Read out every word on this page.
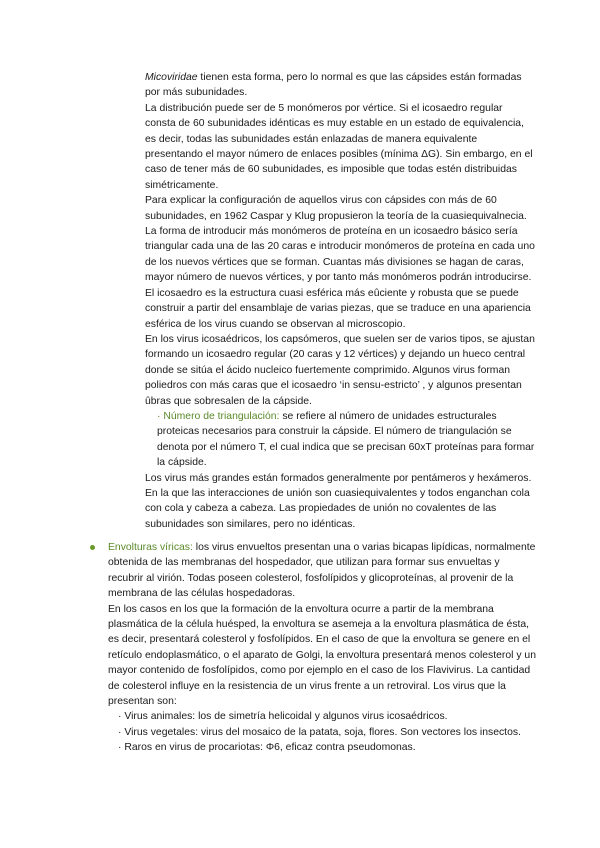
Micoviridae tienen esta forma, pero lo normal es que las cápsides están formadas por más subunidades.

La distribución puede ser de 5 monómeros por vértice. Si el icosaedro regular consta de 60 subunidades idénticas es muy estable en un estado de equivalencia, es decir, todas las subunidades están enlazadas de manera equivalente presentando el mayor número de enlaces posibles (mínima ΔG). Sin embargo, en el caso de tener más de 60 subunidades, es imposible que todas estén distribuidas simétricamente.

Para explicar la configuración de aquellos virus con cápsides con más de 60 subunidades, en 1962 Caspar y Klug propusieron la teoría de la cuasiequivalnecia. La forma de introducir más monómeros de proteína en un icosaedro básico sería triangular cada una de las 20 caras e introducir monómeros de proteína en cada uno de los nuevos vértices que se forman. Cuantas más divisiones se hagan de caras, mayor número de nuevos vértices, y por tanto más monómeros podrán introducirse. El icosaedro es la estructura cuasi esférica más eûciente y robusta que se puede construir a partir del ensamblaje de varias piezas, que se traduce en una apariencia esférica de los virus cuando se observan al microscopio.

En los virus icosaédricos, los capsómeros, que suelen ser de varios tipos, se ajustan formando un icosaedro regular (20 caras y 12 vértices) y dejando un hueco central donde se sitúa el ácido nucleico fuertemente comprimido. Algunos virus forman poliedros con más caras que el icosaedro ‘in sensu-estricto’ , y algunos presentan ûbras que sobresalen de la cápside.

· Número de triangulación: se refiere al número de unidades estructurales proteicas necesarios para construir la cápside. El número de triangulación se denota por el número T, el cual indica que se precisan 60xT proteínas para formar la cápside.

Los virus más grandes están formados generalmente por pentámeros y hexámeros. En la que las interacciones de unión son cuasiequivalentes y todos enganchan cola con cola y cabeza a cabeza. Las propiedades de unión no covalentes de las subunidades son similares, pero no idénticas.

Envolturas víricas: los virus envueltos presentan una o varias bicapas lipídicas, normalmente obtenida de las membranas del hospedador, que utilizan para formar sus envueltas y recubrir al virión. Todas poseen colesterol, fosfolípidos y glicoproteínas, al provenir de la membrana de las células hospedadoras.

En los casos en los que la formación de la envoltura ocurre a partir de la membrana plasmática de la célula huésped, la envoltura se asemeja a la envoltura plasmática de ésta, es decir, presentará colesterol y fosfolípidos. En el caso de que la envoltura se genere en el retículo endoplasmático, o el aparato de Golgi, la envoltura presentará menos colesterol y un mayor contenido de fosfolípidos, como por ejemplo en el caso de los Flavivirus. La cantidad de colesterol influye en la resistencia de un virus frente a un retroviral. Los virus que la presentan son:

· Virus animales: los de simetría helicoidal y algunos virus icosaédricos.

· Virus vegetales: virus del mosaico de la patata, soja, flores. Son vectores los insectos.

· Raros en virus de procariotas: Φ6, eficaz contra pseudomonas.
